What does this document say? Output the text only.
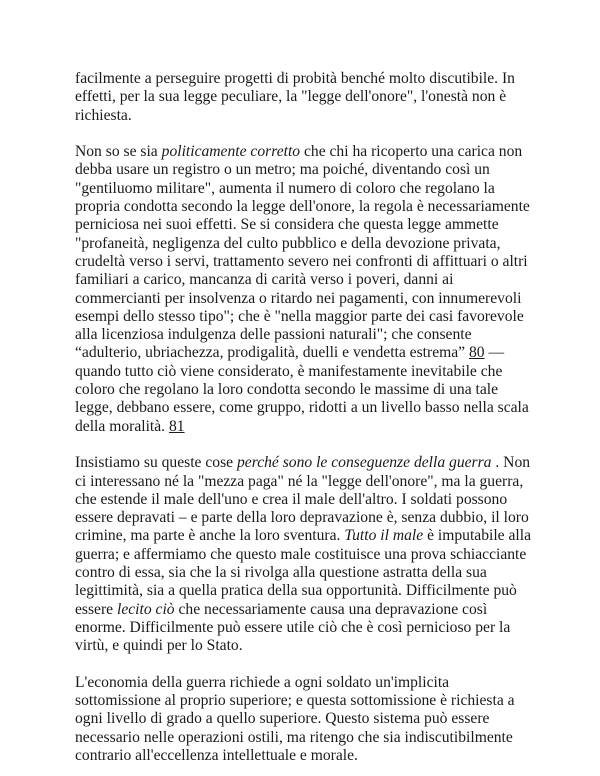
facilmente a perseguire progetti di probità benché molto discutibile. In effetti, per la sua legge peculiare, la "legge dell'onore", l'onestà non è richiesta.

Non so se sia politicamente corretto che chi ha ricoperto una carica non debba usare un registro o un metro; ma poiché, diventando così un "gentiluomo militare", aumenta il numero di coloro che regolano la propria condotta secondo la legge dell'onore, la regola è necessariamente perniciosa nei suoi effetti. Se si considera che questa legge ammette "profaneità, negligenza del culto pubblico e della devozione privata, crudeltà verso i servi, trattamento severo nei confronti di affittuari o altri familiari a carico, mancanza di carità verso i poveri, danni ai commercianti per insolvenza o ritardo nei pagamenti, con innumerevoli esempi dello stesso tipo"; che è "nella maggior parte dei casi favorevole alla licenziosa indulgenza delle passioni naturali"; che consente “adulterio, ubriachezza, prodigalità, duelli e vendetta estrema” 80 —quando tutto ciò viene considerato, è manifestamente inevitabile che coloro che regolano la loro condotta secondo le massime di una tale legge, debbano essere, come gruppo, ridotti a un livello basso nella scala della moralità. 81

Insistiamo su queste cose perché sono le conseguenze della guerra . Non ci interessano né la "mezza paga" né la "legge dell'onore", ma la guerra, che estende il male dell'uno e crea il male dell'altro. I soldati possono essere depravati – e parte della loro depravazione è, senza dubbio, il loro crimine, ma parte è anche la loro sventura. Tutto il male è imputabile alla guerra; e affermiamo che questo male costituisce una prova schiacciante contro di essa, sia che la si rivolga alla questione astratta della sua legittimità, sia a quella pratica della sua opportunità. Difficilmente può essere lecito ciò che necessariamente causa una depravazione così enorme. Difficilmente può essere utile ciò che è così pernicioso per la virtù, e quindi per lo Stato.

L'economia della guerra richiede a ogni soldato un'implicita sottomissione al proprio superiore; e questa sottomissione è richiesta a ogni livello di grado a quello superiore. Questo sistema può essere necessario nelle operazioni ostili, ma ritengo che sia indiscutibilmente contrario all'eccellenza intellettuale e morale.
